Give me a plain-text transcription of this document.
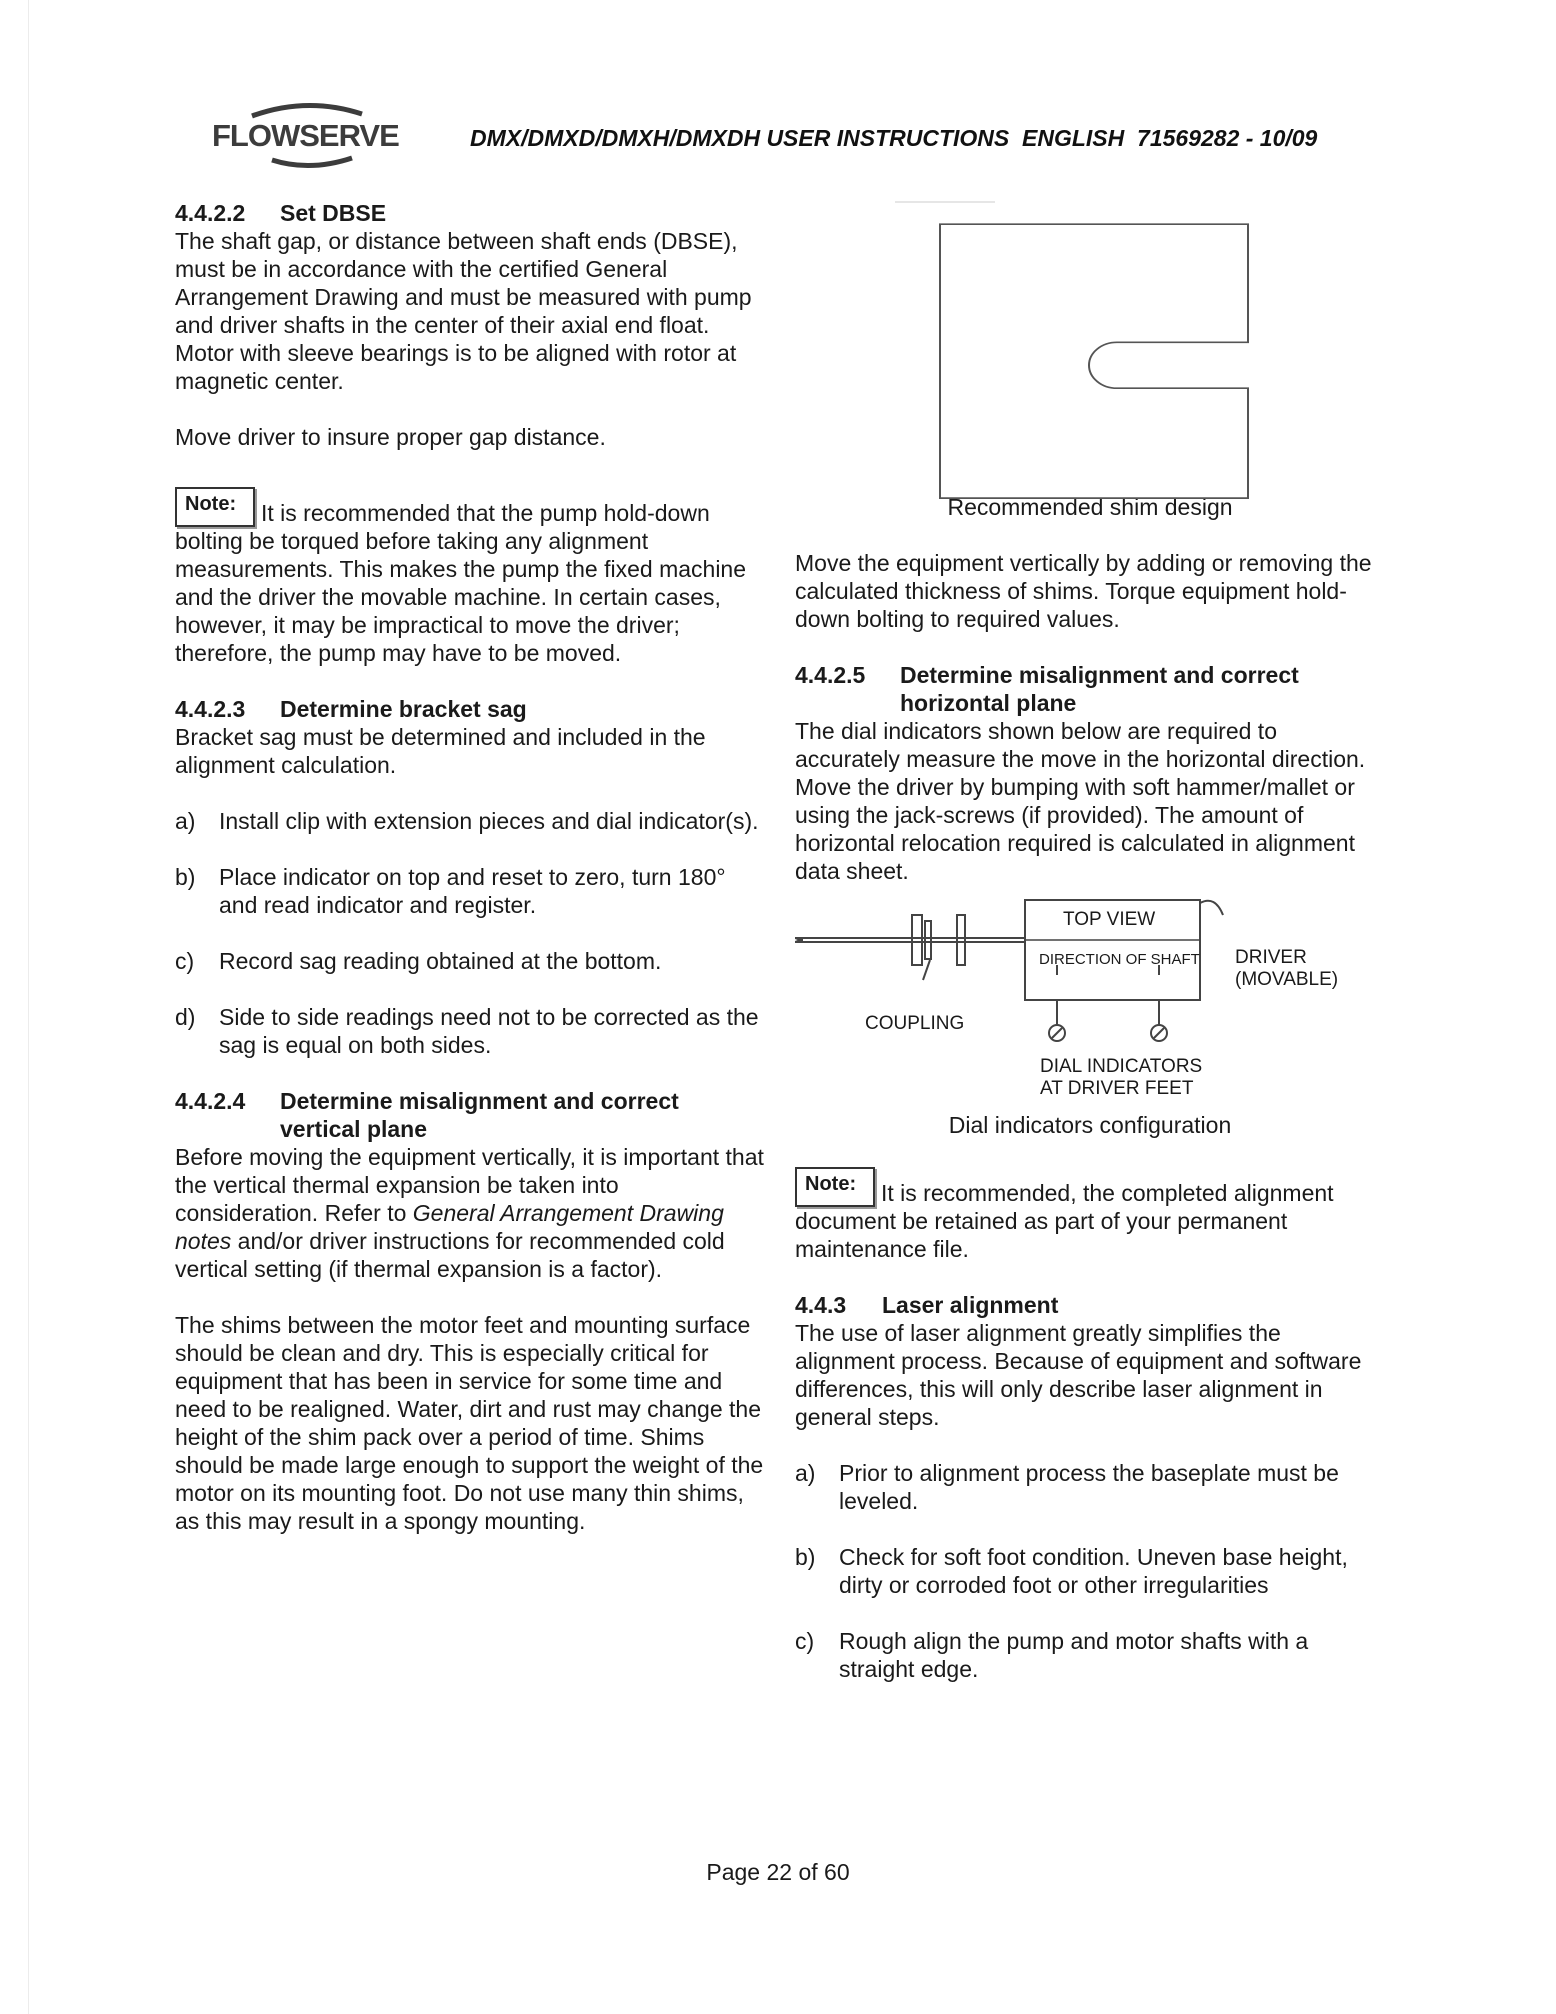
FLOWSERVE	DMX/DMXD/DMXH/DMXDH USER INSTRUCTIONS  ENGLISH  71569282 - 10/09
4.4.2.2	Set DBSE

The shaft gap, or distance between shaft ends (DBSE), must be in accordance with the certified General Arrangement Drawing and must be measured with pump and driver shafts in the center of their axial end float. Motor with sleeve bearings is to be aligned with rotor at magnetic center.

Move driver to insure proper gap distance.

Note: It is recommended that the pump hold-down bolting be torqued before taking any alignment measurements. This makes the pump the fixed machine and the driver the movable machine. In certain cases, however, it may be impractical to move the driver; therefore, the pump may have to be moved.

4.4.2.3	Determine bracket sag

Bracket sag must be determined and included in the alignment calculation.

a)	Install clip with extension pieces and dial indicator(s).
b)	Place indicator on top and reset to zero, turn 180° and read indicator and register.
c)	Record sag reading obtained at the bottom.
d)	Side to side readings need not to be corrected as the sag is equal on both sides.
4.4.2.4	Determine misalignment and correct vertical plane

Before moving the equipment vertically, it is important that the vertical thermal expansion be taken into consideration. Refer to General Arrangement Drawing notes and/or driver instructions for recommended cold vertical setting (if thermal expansion is a factor).

The shims between the motor feet and mounting surface should be clean and dry. This is especially critical for equipment that has been in service for some time and need to be realigned. Water, dirt and rust may change the height of the shim pack over a period of time. Shims should be made large enough to support the weight of the motor on its mounting foot. Do not use many thin shims, as this may result in a spongy mounting.

Recommended shim design

Move the equipment vertically by adding or removing the calculated thickness of shims. Torque equipment hold-down bolting to required values.

4.4.2.5	Determine misalignment and correct horizontal plane

The dial indicators shown below are required to accurately measure the move in the horizontal direction. Move the driver by bumping with soft hammer/mallet or using the jack-screws (if provided). The amount of horizontal relocation required is calculated in alignment data sheet.

TOP VIEW
DIRECTION OF SHAFT DRIVER
(MOVABLE)
COUPLING
DIAL INDICATORS
AT DRIVER FEET

Dial indicators configuration

Note: It is recommended, the completed alignment document be retained as part of your permanent maintenance file.

4.4.3	Laser alignment

The use of laser alignment greatly simplifies the alignment process. Because of equipment and software differences, this will only describe laser alignment in general steps.

a)	Prior to alignment process the baseplate must be leveled.
b)	Check for soft foot condition. Uneven base height, dirty or corroded foot or other irregularities
c)	Rough align the pump and motor shafts with a straight edge.
Page 22 of 60
